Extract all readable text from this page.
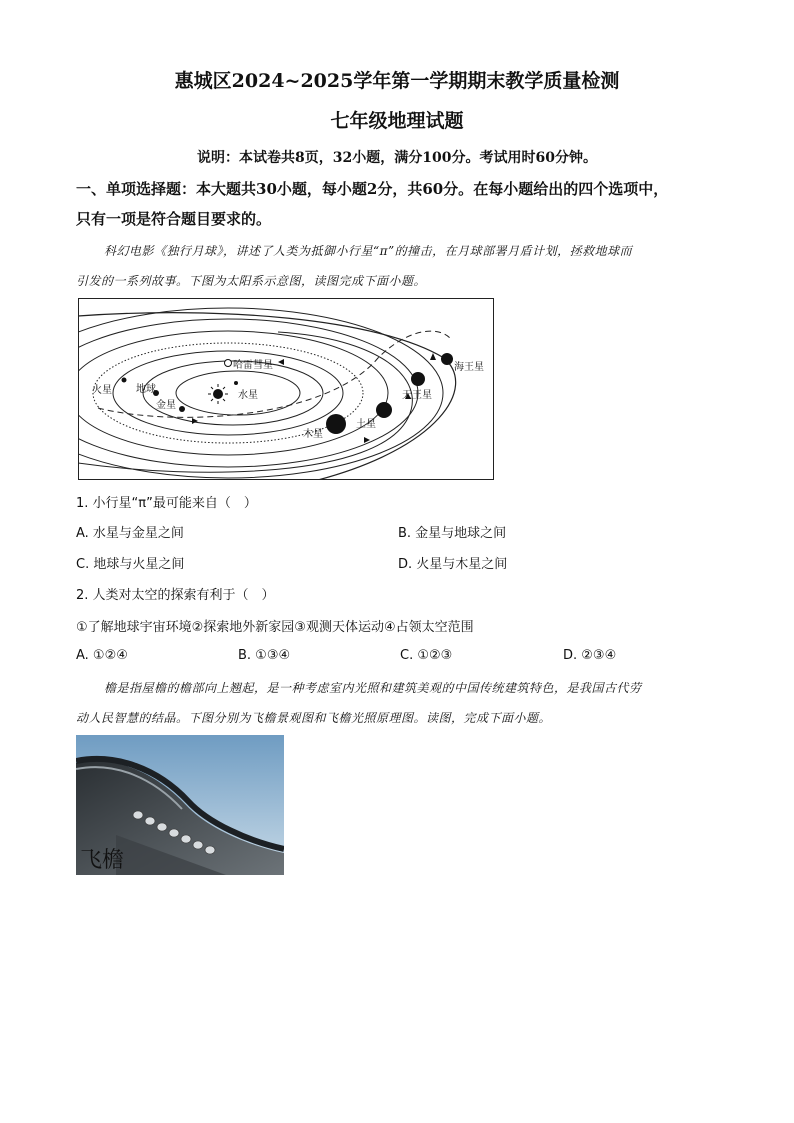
惠城区2024~2025学年第一学期期末教学质量检测
七年级地理试题
说明：本试卷共8页，32小题，满分100分。考试用时60分钟。
一、单项选择题：本大题共30小题，每小题2分，共60分。在每小题给出的四个选项中，
只有一项是符合题目要求的。
科幻电影《独行月球》，讲述了人类为抵御小行星“π”的撞击，在月球部署月盾计划，拯救地球而
引发的一系列故事。下图为太阳系示意图，读图完成下面小题。
哈雷彗星
水星
金星
地球
火星
木星
土星
天王星
海王星
1. 小行星“π”最可能来自（　）
A. 水星与金星之间	B. 金星与地球之间
C. 地球与火星之间	D. 火星与木星之间
2. 人类对太空的探索有利于（　）
①了解地球宇宙环境②探索地外新家园③观测天体运动④占领太空范围
A. ①②④	B. ①③④	C. ①②③	D. ②③④
檐是指屋檐的檐部向上翘起，是一种考虑室内光照和建筑美观的中国传统建筑特色，是我国古代劳
动人民智慧的结晶。下图分别为飞檐景观图和飞檐光照原理图。读图，完成下面小题。
飞檐
